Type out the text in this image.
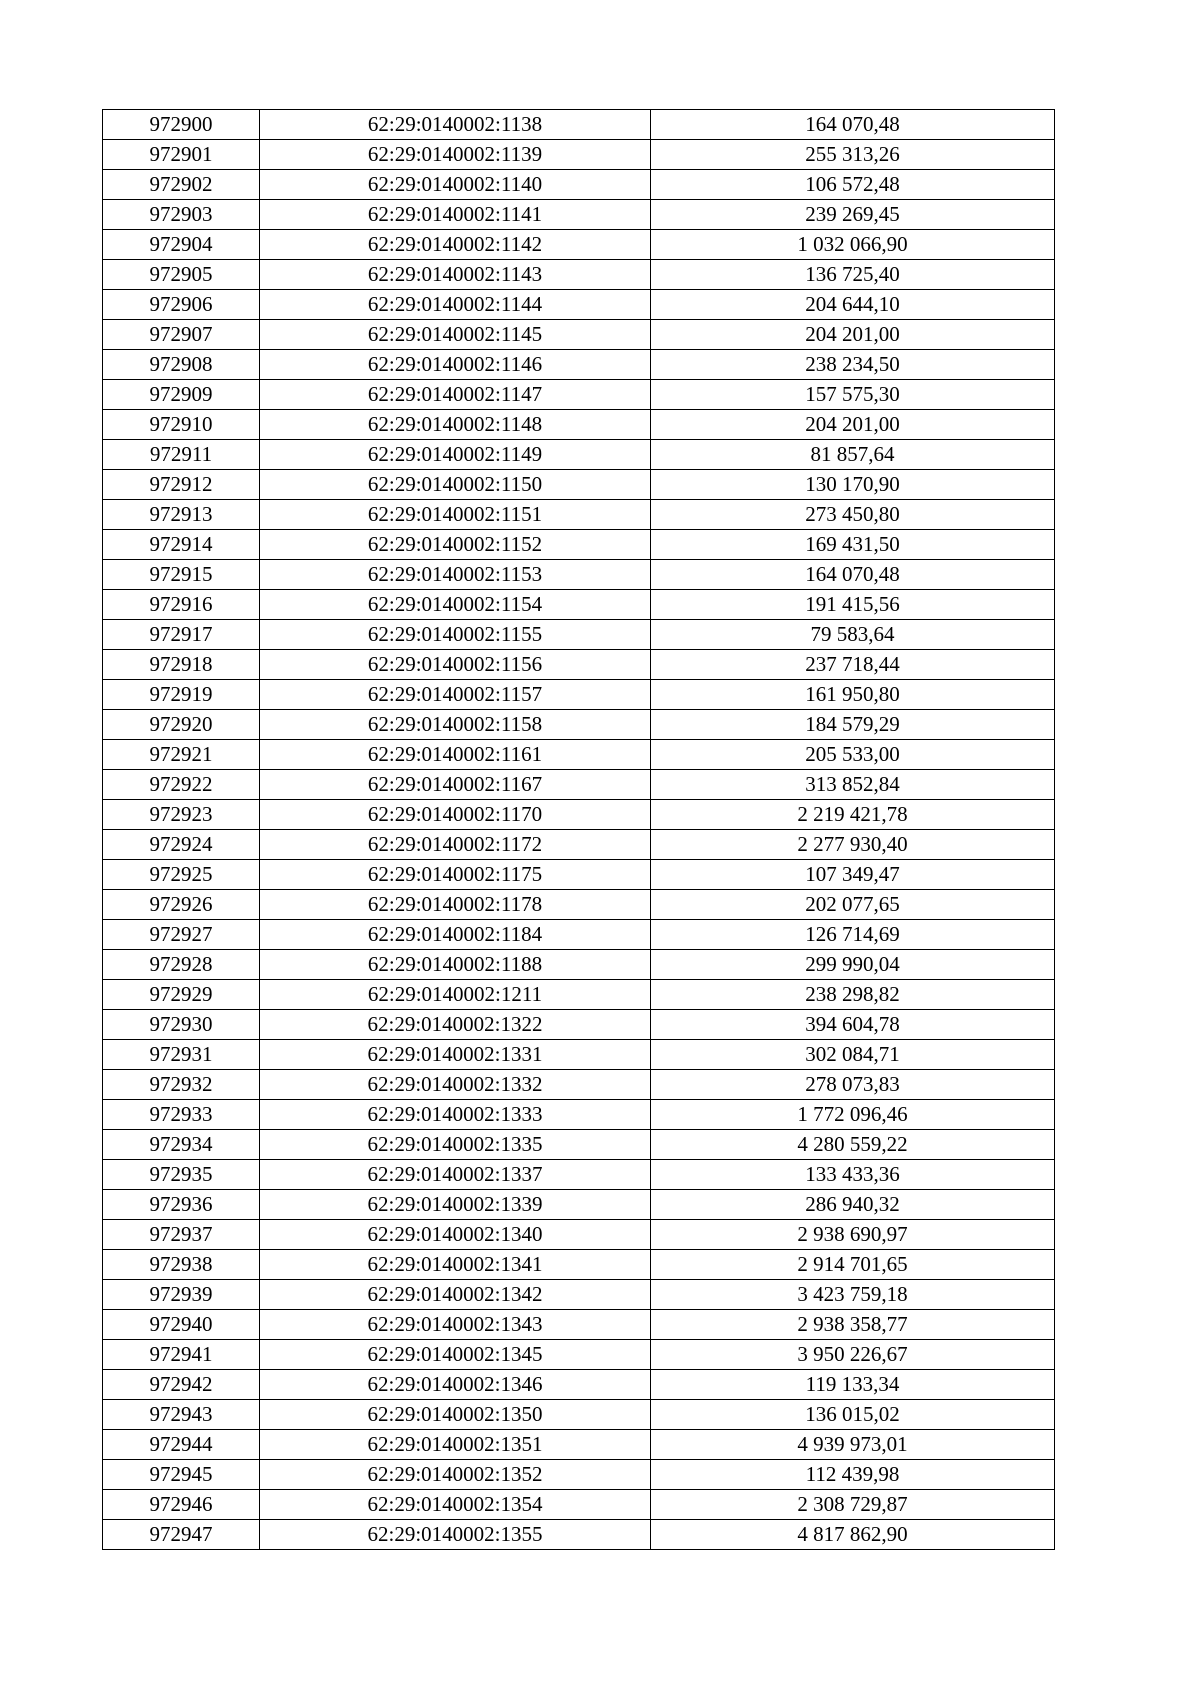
972900	62:29:0140002:1138	164 070,48
972901	62:29:0140002:1139	255 313,26
972902	62:29:0140002:1140	106 572,48
972903	62:29:0140002:1141	239 269,45
972904	62:29:0140002:1142	1 032 066,90
972905	62:29:0140002:1143	136 725,40
972906	62:29:0140002:1144	204 644,10
972907	62:29:0140002:1145	204 201,00
972908	62:29:0140002:1146	238 234,50
972909	62:29:0140002:1147	157 575,30
972910	62:29:0140002:1148	204 201,00
972911	62:29:0140002:1149	81 857,64
972912	62:29:0140002:1150	130 170,90
972913	62:29:0140002:1151	273 450,80
972914	62:29:0140002:1152	169 431,50
972915	62:29:0140002:1153	164 070,48
972916	62:29:0140002:1154	191 415,56
972917	62:29:0140002:1155	79 583,64
972918	62:29:0140002:1156	237 718,44
972919	62:29:0140002:1157	161 950,80
972920	62:29:0140002:1158	184 579,29
972921	62:29:0140002:1161	205 533,00
972922	62:29:0140002:1167	313 852,84
972923	62:29:0140002:1170	2 219 421,78
972924	62:29:0140002:1172	2 277 930,40
972925	62:29:0140002:1175	107 349,47
972926	62:29:0140002:1178	202 077,65
972927	62:29:0140002:1184	126 714,69
972928	62:29:0140002:1188	299 990,04
972929	62:29:0140002:1211	238 298,82
972930	62:29:0140002:1322	394 604,78
972931	62:29:0140002:1331	302 084,71
972932	62:29:0140002:1332	278 073,83
972933	62:29:0140002:1333	1 772 096,46
972934	62:29:0140002:1335	4 280 559,22
972935	62:29:0140002:1337	133 433,36
972936	62:29:0140002:1339	286 940,32
972937	62:29:0140002:1340	2 938 690,97
972938	62:29:0140002:1341	2 914 701,65
972939	62:29:0140002:1342	3 423 759,18
972940	62:29:0140002:1343	2 938 358,77
972941	62:29:0140002:1345	3 950 226,67
972942	62:29:0140002:1346	119 133,34
972943	62:29:0140002:1350	136 015,02
972944	62:29:0140002:1351	4 939 973,01
972945	62:29:0140002:1352	112 439,98
972946	62:29:0140002:1354	2 308 729,87
972947	62:29:0140002:1355	4 817 862,90
